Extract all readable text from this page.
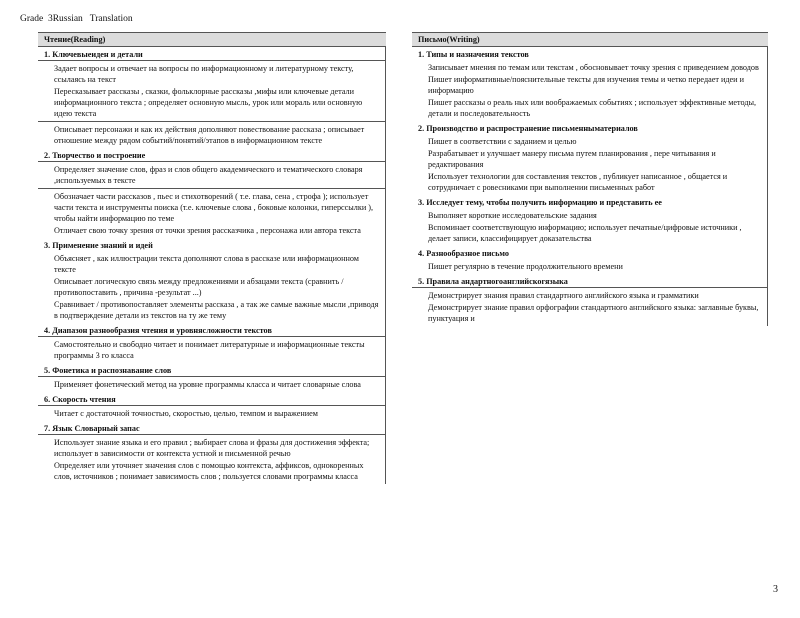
Grade  3Russian   Translation
Чтение(Reading)
1. Ключевыеиден и детали
Задает вопросы и отвечает на вопросы по информационному и литературному тексту, ссылаясь на текст
Пересказывает рассказы , сказки, фольклорные рассказы ,мифы или ключевые детали информационного текста ; определяет основную мысль, урок или мораль или основную идею текста
Описывает персонажи и как их действия дополняют повествование рассказа ; описывает отношение между рядом событий/понятий/этапов в информационном тексте
2. Творчество и построение
Определяет значение слов, фраз и слов общего академического и тематического словаря ,используемых в тексте
Обозначает части рассказов , пьес и стихотворений ( т.е. глава, сена , строфа ); использует части текста и инструменты поиска (т.е. ключевые слова , боковые колонки, гиперссылки ), чтобы найти информацию по теме
Отличает свою точку зрения от точки зрения рассказчика , персонажа или автора текста
3. Применение знаний и идей
Объясняет , как иллюстрации текста дополняют слова в рассказе или информационном тексте
Описывает логическую связь между предложениями и абзацами текста (сравнить /противопоставить , причина -результат ...)
Сравнивает / противопоставляет элементы рассказа , а так же самые важные мысли ,приводя в подтверждение детали из текстов на ту же тему
4. Диапазон разнообразия чтения и уровнясложности текстов
Самостоятельно и свободно читает и понимает литературные и информационные тексты программы 3 го класса
5. Фонетика и распознавание слов
Применяет фонетический метод на уровне программы класса и читает словарные слова
6. Скорость чтения
Читает с достаточной точностью, скоростью, целью, темпом и выражением
7. Язык Словарный запас
Использует знание языка и его правил ; выбирает слова и фразы для достижения эффекта; использует в зависимости от контекста устной и письменной речью
Определяет или уточняет значения слов с помощью контекста, аффиксов, однокоренных слов, источников ; понимает зависимость слов ; пользуется словами программы класса
Письмо(Writing)
1. Типы и назначения текстов
Записывает мнения по темам или текстам , обосновывает точку зрения с приведением доводов
Пишет информативные/пояснительные тексты для изучения темы и четко передает идеи и информацию
Пишет рассказы о реаль ных или воображаемых событиях ; использует эффективные методы, детали и последовательность
2. Производство и распространение письменныматериалов
Пишет в соответствии с заданием и целью
Разрабатывает и улучшает манеру письма путем планирования , пере читывания и редактирования
Использует технологии для составления текстов , публикует написанное , общается и сотрудничает с ровесниками при выполнении письменных работ
3. Исследует тему, чтобы получить информацию и представить ее
Выполняет короткие исследовательские задания
Вспоминает соответствующую информацию; использует печатные/цифровые источники , делает записи, классифицирует доказательства
4. Разнообразное письмо
Пишет регулярно в течение продолжительного времени
5. Правила андартногоанглийскогязыка
Демонстрирует знания правил стандартного английского языка и грамматики
Демонстрирует знание правил орфографии стандартного английского языка: заглавные буквы, пунктуация и
3
